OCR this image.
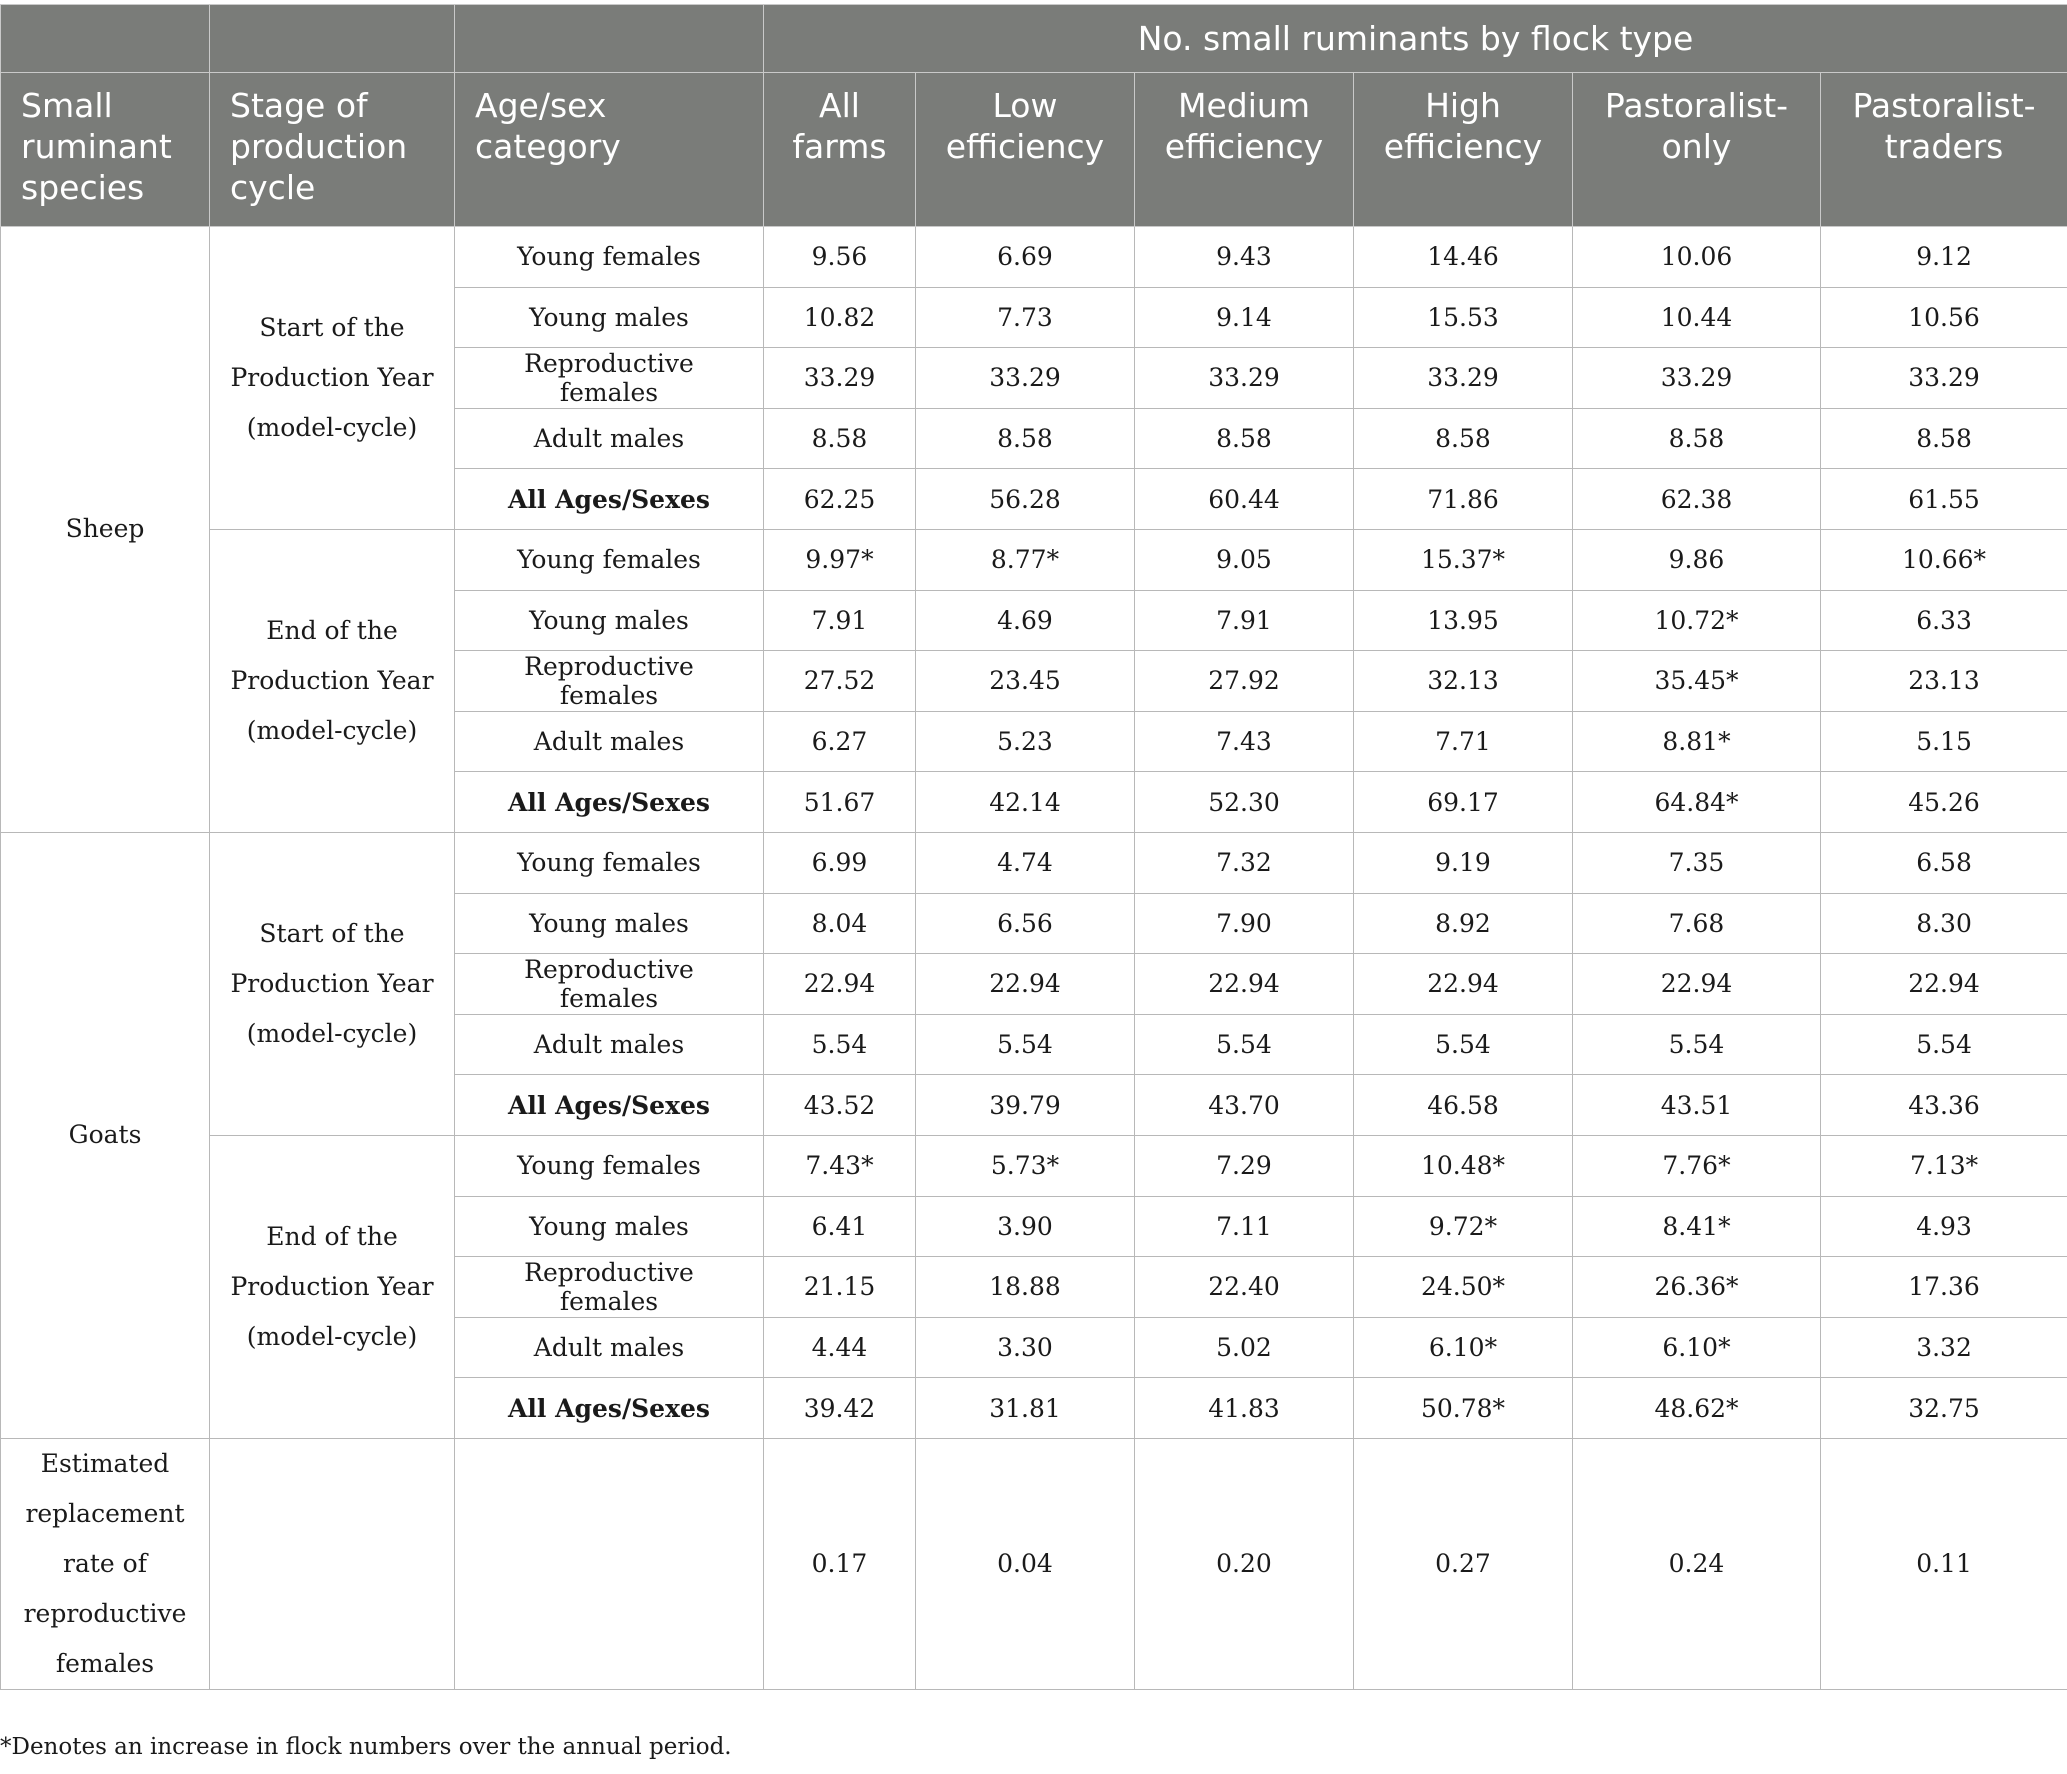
			No. small ruminants by flock type					
Small ruminant species	Stage of production cycle	Age/sex category	All farms	Low efficiency	Medium efficiency	High efficiency	Pastoralist-only	Pastoralist-traders
Sheep	Start of the Production Year (model-cycle)	Young females	9.56	6.69	9.43	14.46	10.06	9.12
		Young males	10.82	7.73	9.14	15.53	10.44	10.56
		Reproductive females	33.29	33.29	33.29	33.29	33.29	33.29
		Adult males	8.58	8.58	8.58	8.58	8.58	8.58
		All Ages/Sexes	62.25	56.28	60.44	71.86	62.38	61.55
	End of the Production Year (model-cycle)	Young females	9.97*	8.77*	9.05	15.37*	9.86	10.66*
		Young males	7.91	4.69	7.91	13.95	10.72*	6.33
		Reproductive females	27.52	23.45	27.92	32.13	35.45*	23.13
		Adult males	6.27	5.23	7.43	7.71	8.81*	5.15
		All Ages/Sexes	51.67	42.14	52.30	69.17	64.84*	45.26
Goats	Start of the Production Year (model-cycle)	Young females	6.99	4.74	7.32	9.19	7.35	6.58
		Young males	8.04	6.56	7.90	8.92	7.68	8.30
		Reproductive females	22.94	22.94	22.94	22.94	22.94	22.94
		Adult males	5.54	5.54	5.54	5.54	5.54	5.54
		All Ages/Sexes	43.52	39.79	43.70	46.58	43.51	43.36
	End of the Production Year (model-cycle)	Young females	7.43*	5.73*	7.29	10.48*	7.76*	7.13*
		Young males	6.41	3.90	7.11	9.72*	8.41*	4.93
		Reproductive females	21.15	18.88	22.40	24.50*	26.36*	17.36
		Adult males	4.44	3.30	5.02	6.10*	6.10*	3.32
		All Ages/Sexes	39.42	31.81	41.83	50.78*	48.62*	32.75
Estimated replacement rate of reproductive females			0.17	0.04	0.20	0.27	0.24	0.11
*Denotes an increase in flock numbers over the annual period.
